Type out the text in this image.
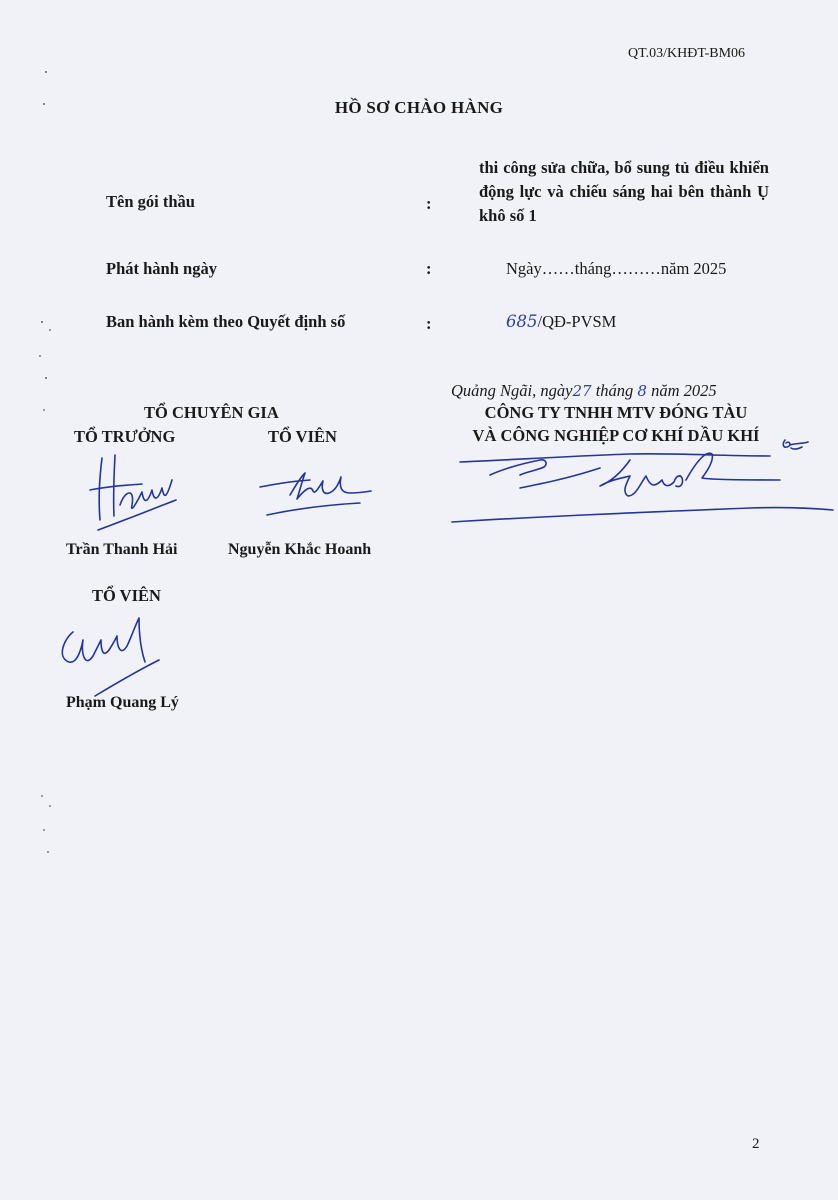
QT.03/KHĐT-BM06
HỒ SƠ CHÀO HÀNG
Tên gói thầu	:
thi công sửa chữa, bổ sung tủ điều khiển động lực và chiếu sáng hai bên thành Ụ khô số 1
Phát hành ngày	:	Ngày……tháng………năm 2025
Ban hành kèm theo Quyết định số	:	685/QĐ-PVSM
Quảng Ngãi, ngày27 tháng 8 năm 2025
CÔNG TY TNHH MTV ĐÓNG TÀU
VÀ CÔNG NGHIỆP CƠ KHÍ DẦU KHÍ
TỔ CHUYÊN GIA
TỔ TRƯỞNG	TỔ VIÊN
Trần Thanh Hải	Nguyễn Khắc Hoanh
TỔ VIÊN
Phạm Quang Lý
2
